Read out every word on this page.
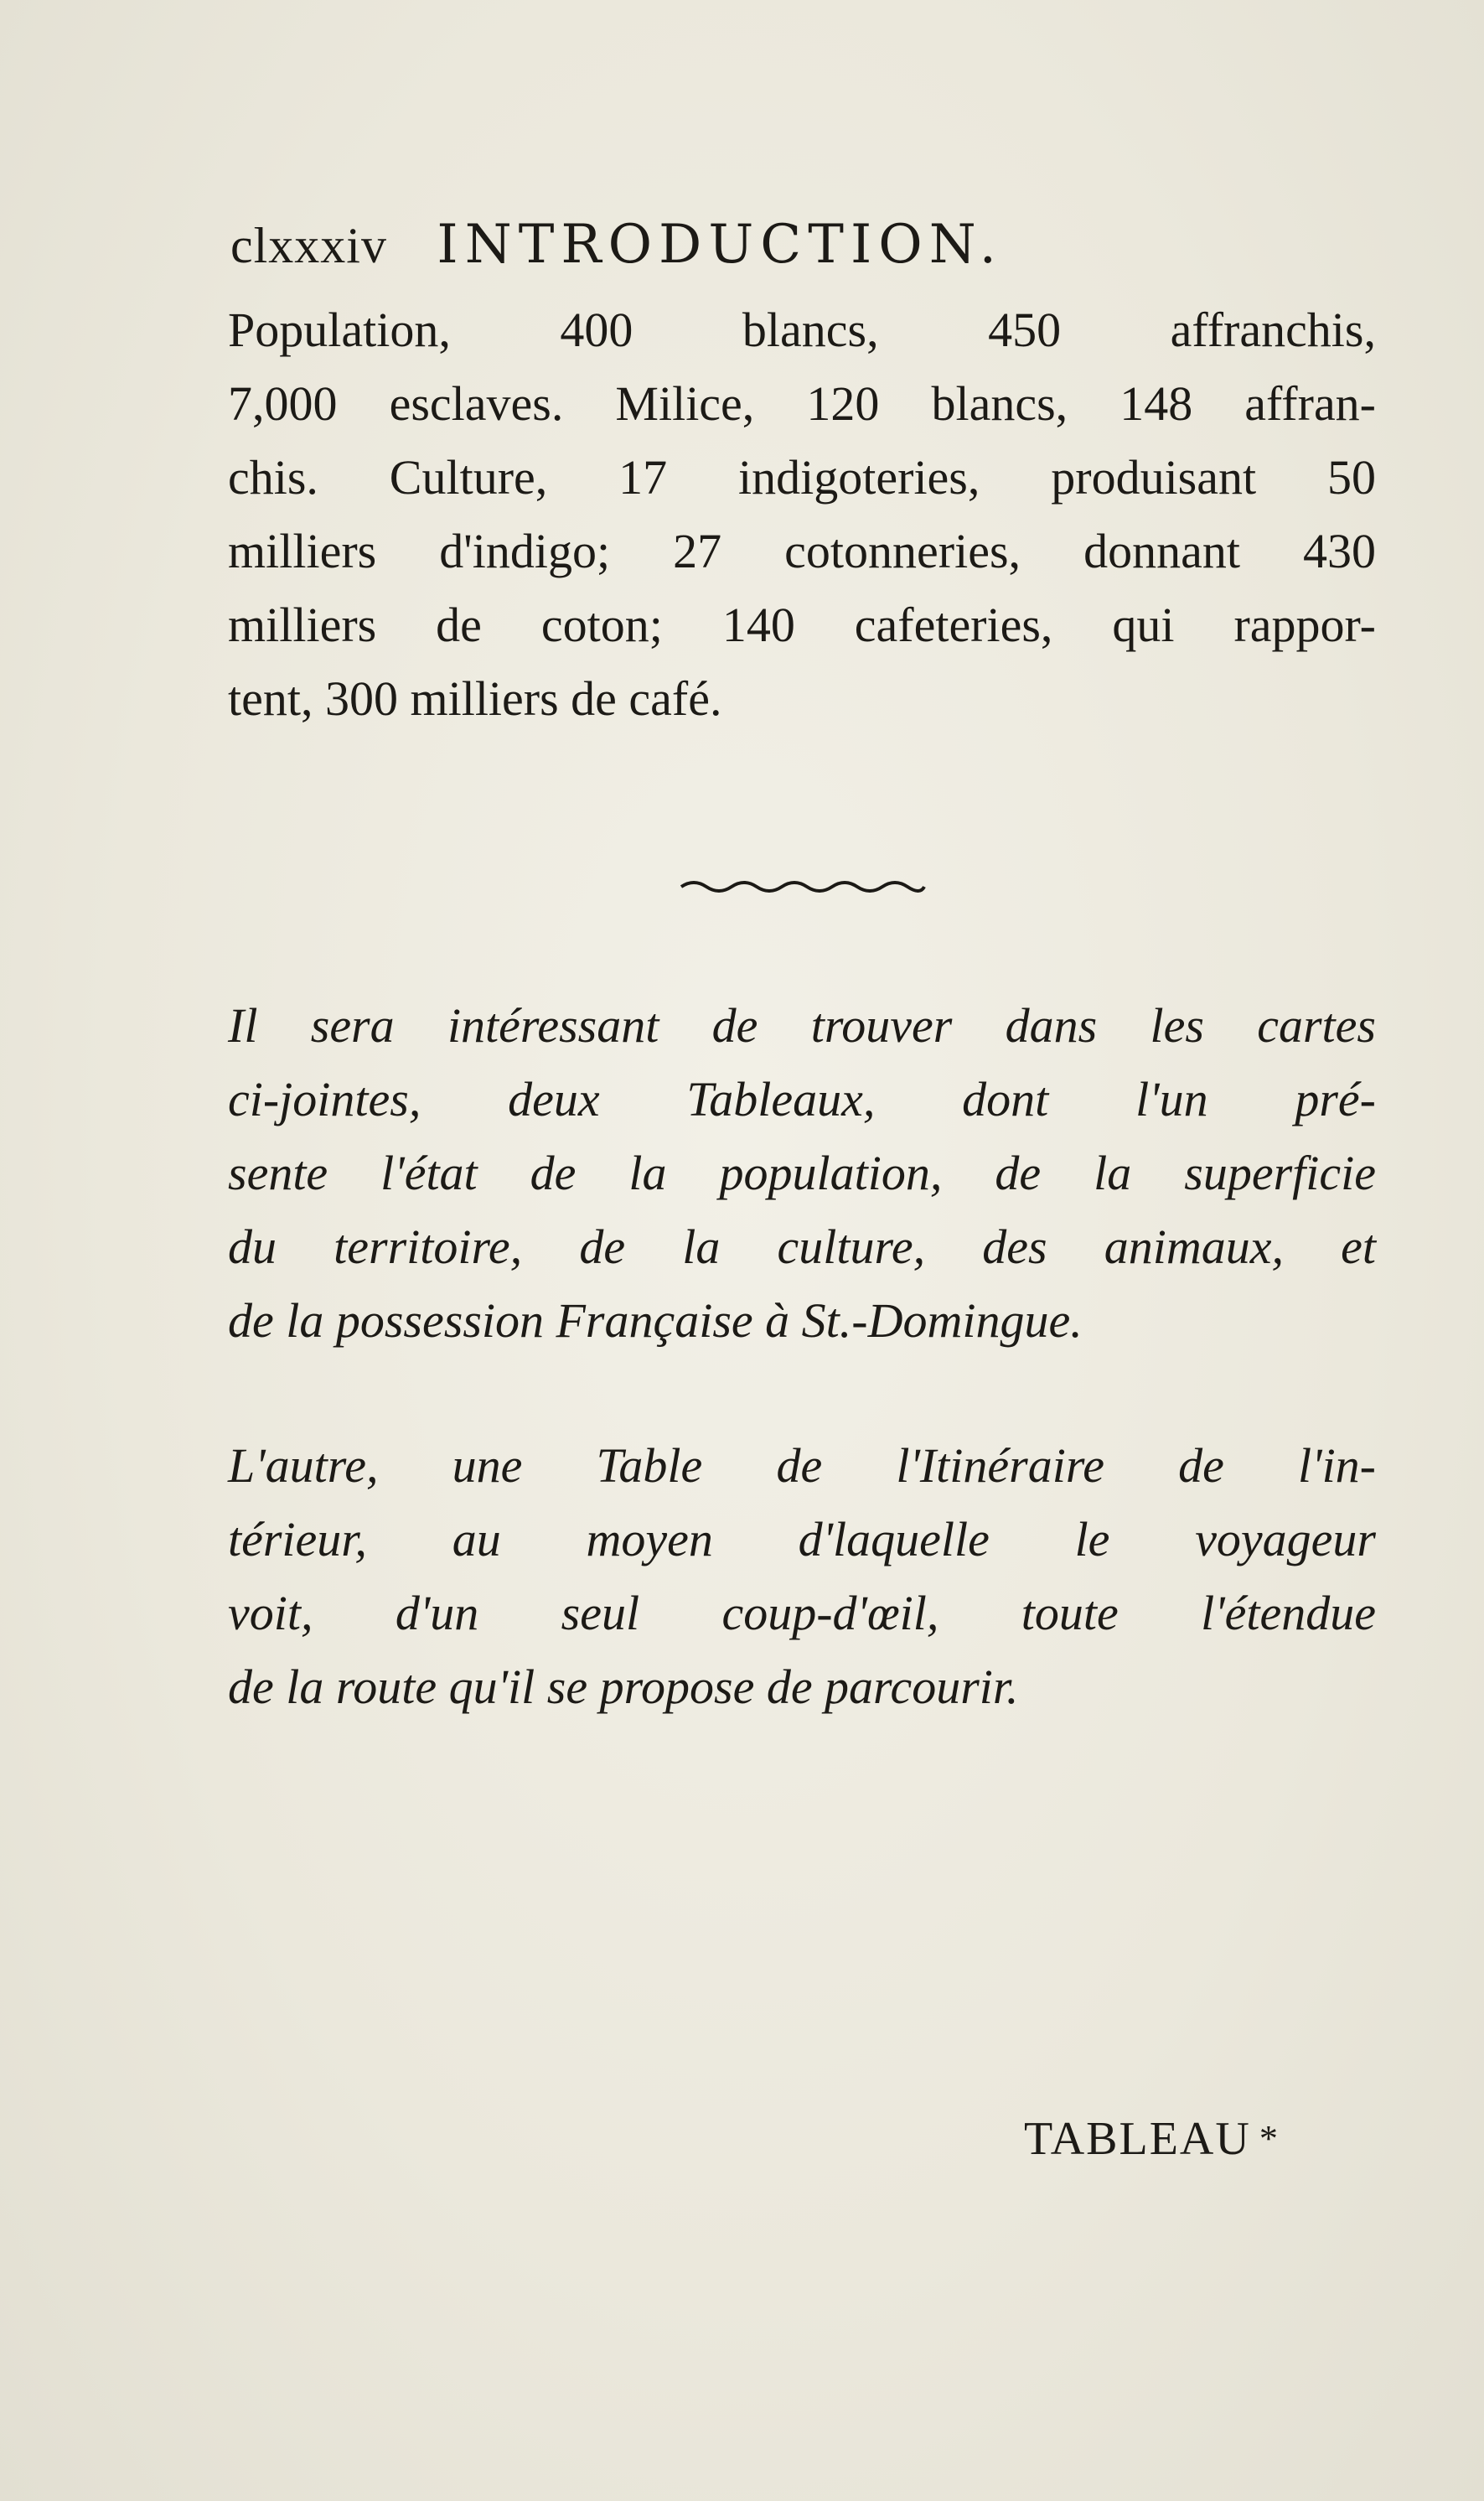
clxxxiv INTRODUCTION.
Population, 400 blancs, 450 affranchis,
7,000 esclaves. Milice, 120 blancs, 148 affran-
chis. Culture, 17 indigoteries, produisant 50
milliers d'indigo; 27 cotonneries, donnant 430
milliers de coton; 140 cafeteries, qui rappor-
tent, 300 milliers de café.
Il sera intéressant de trouver dans les cartes
ci-jointes, deux Tableaux, dont l'un pré-
sente l'état de la population, de la superficie
du territoire, de la culture, des animaux, et
de la possession Française à St.-Domingue.
L'autre, une Table de l'Itinéraire de l'in-
térieur, au moyen d'laquelle le voyageur
voit, d'un seul coup-d'œil, toute l'étendue
de la route qu'il se propose de parcourir.
TABLEAU *
